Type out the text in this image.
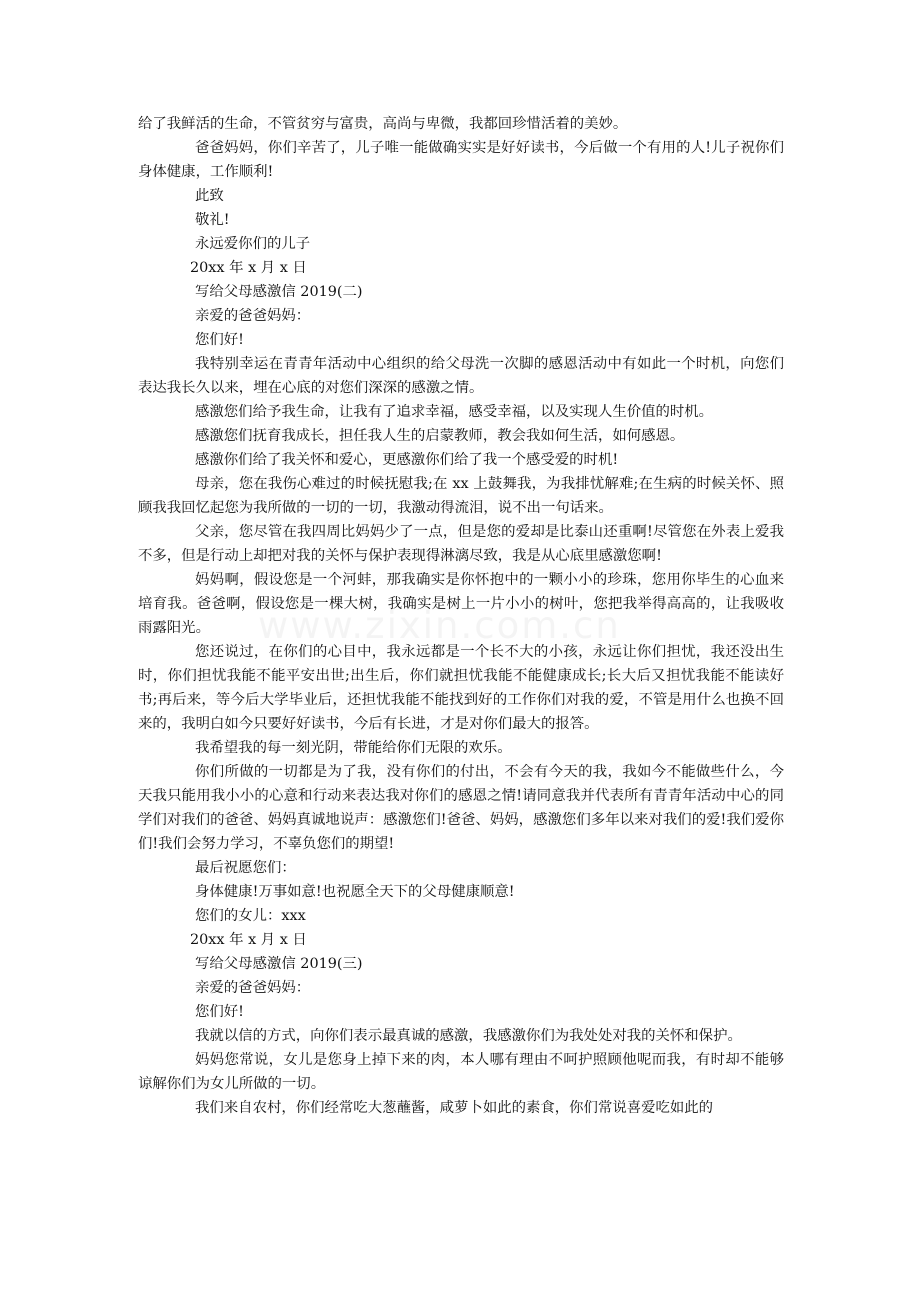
www.zixin.com.cn

给了我鲜活的生命，不管贫穷与富贵，高尚与卑微，我都回珍惜活着的美妙。

爸爸妈妈，你们辛苦了，儿子唯一能做确实实是好好读书，今后做一个有用的人!儿子祝你们身体健康，工作顺利!

此致

敬礼!

永远爱你们的儿子

20xx 年 x 月 x 日

写给父母感激信 2019(二)

亲爱的爸爸妈妈：

您们好!

我特别幸运在青青年活动中心组织的给父母洗一次脚的感恩活动中有如此一个时机，向您们表达我长久以来，埋在心底的对您们深深的感激之情。

感激您们给予我生命，让我有了追求幸福，感受幸福，以及实现人生价值的时机。

感激您们抚育我成长，担任我人生的启蒙教师，教会我如何生活，如何感恩。

感激你们给了我关怀和爱心，更感激你们给了我一个感受爱的时机!

母亲，您在我伤心难过的时候抚慰我;在 xx 上鼓舞我，为我排忧解难;在生病的时候关怀、照顾我我回忆起您为我所做的一切的一切，我激动得流泪，说不出一句话来。

父亲，您尽管在我四周比妈妈少了一点，但是您的爱却是比泰山还重啊!尽管您在外表上爱我不多，但是行动上却把对我的关怀与保护表现得淋漓尽致，我是从心底里感激您啊!

妈妈啊，假设您是一个河蚌，那我确实是你怀抱中的一颗小小的珍珠，您用你毕生的心血来培育我。爸爸啊，假设您是一棵大树，我确实是树上一片小小的树叶，您把我举得高高的，让我吸收雨露阳光。

您还说过，在你们的心目中，我永远都是一个长不大的小孩，永远让你们担忧，我还没出生时，你们担忧我能不能平安出世;出生后，你们就担忧我能不能健康成长;长大后又担忧我能不能读好书;再后来，等今后大学毕业后，还担忧我能不能找到好的工作你们对我的爱，不管是用什么也换不回来的，我明白如今只要好好读书，今后有长进，才是对你们最大的报答。

我希望我的每一刻光阴，带能给你们无限的欢乐。

你们所做的一切都是为了我，没有你们的付出，不会有今天的我，我如今不能做些什么，今天我只能用我小小的心意和行动来表达我对你们的感恩之情!请同意我并代表所有青青年活动中心的同学们对我们的爸爸、妈妈真诚地说声：感激您们!爸爸、妈妈，感激您们多年以来对我们的爱!我们爱你们!我们会努力学习，不辜负您们的期望!

最后祝愿您们：

身体健康!万事如意!也祝愿全天下的父母健康顺意!

您们的女儿：xxx

20xx 年 x 月 x 日

写给父母感激信 2019(三)

亲爱的爸爸妈妈：

您们好!

我就以信的方式，向你们表示最真诚的感激，我感激你们为我处处对我的关怀和保护。

妈妈您常说，女儿是您身上掉下来的肉，本人哪有理由不呵护照顾他呢而我，有时却不能够谅解你们为女儿所做的一切。

我们来自农村，你们经常吃大葱蘸酱，咸萝卜如此的素食，你们常说喜爱吃如此的
